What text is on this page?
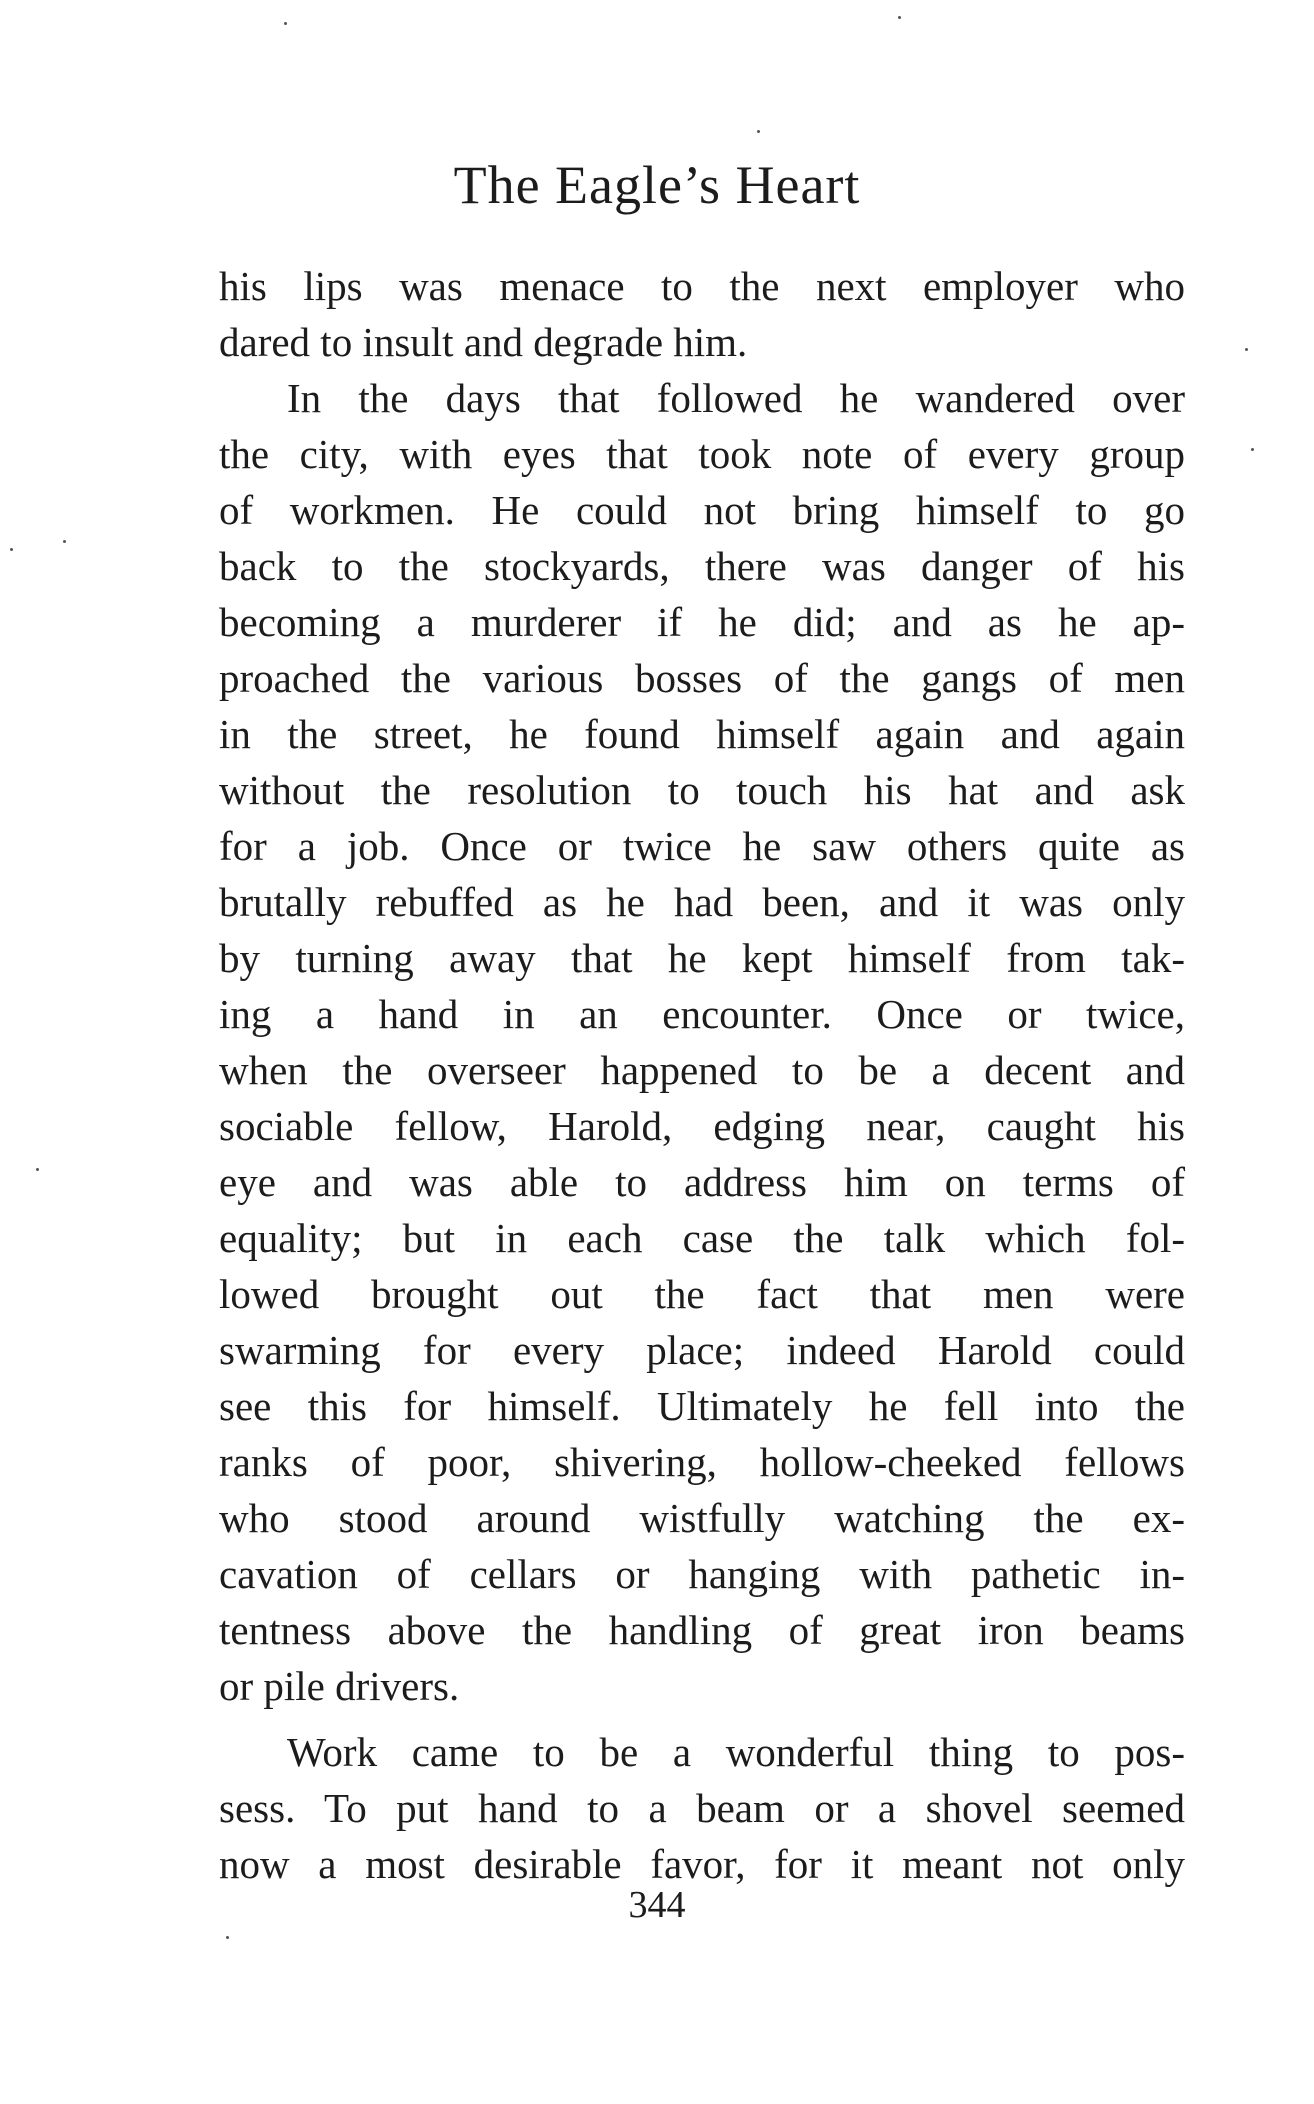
The Eagle’s Heart
his lips was menace to the next employer who
dared to insult and degrade him.
In the days that followed he wandered over
the city, with eyes that took note of every group
of workmen. He could not bring himself to go
back to the stockyards, there was danger of his
becoming a murderer if he did; and as he ap-
proached the various bosses of the gangs of men
in the street, he found himself again and again
without the resolution to touch his hat and ask
for a job. Once or twice he saw others quite as
brutally rebuffed as he had been, and it was only
by turning away that he kept himself from tak-
ing a hand in an encounter. Once or twice,
when the overseer happened to be a decent and
sociable fellow, Harold, edging near, caught his
eye and was able to address him on terms of
equality; but in each case the talk which fol-
lowed brought out the fact that men were
swarming for every place; indeed Harold could
see this for himself. Ultimately he fell into the
ranks of poor, shivering, hollow-cheeked fellows
who stood around wistfully watching the ex-
cavation of cellars or hanging with pathetic in-
tentness above the handling of great iron beams
or pile drivers.
Work came to be a wonderful thing to pos-
sess. To put hand to a beam or a shovel seemed
now a most desirable favor, for it meant not only
344
